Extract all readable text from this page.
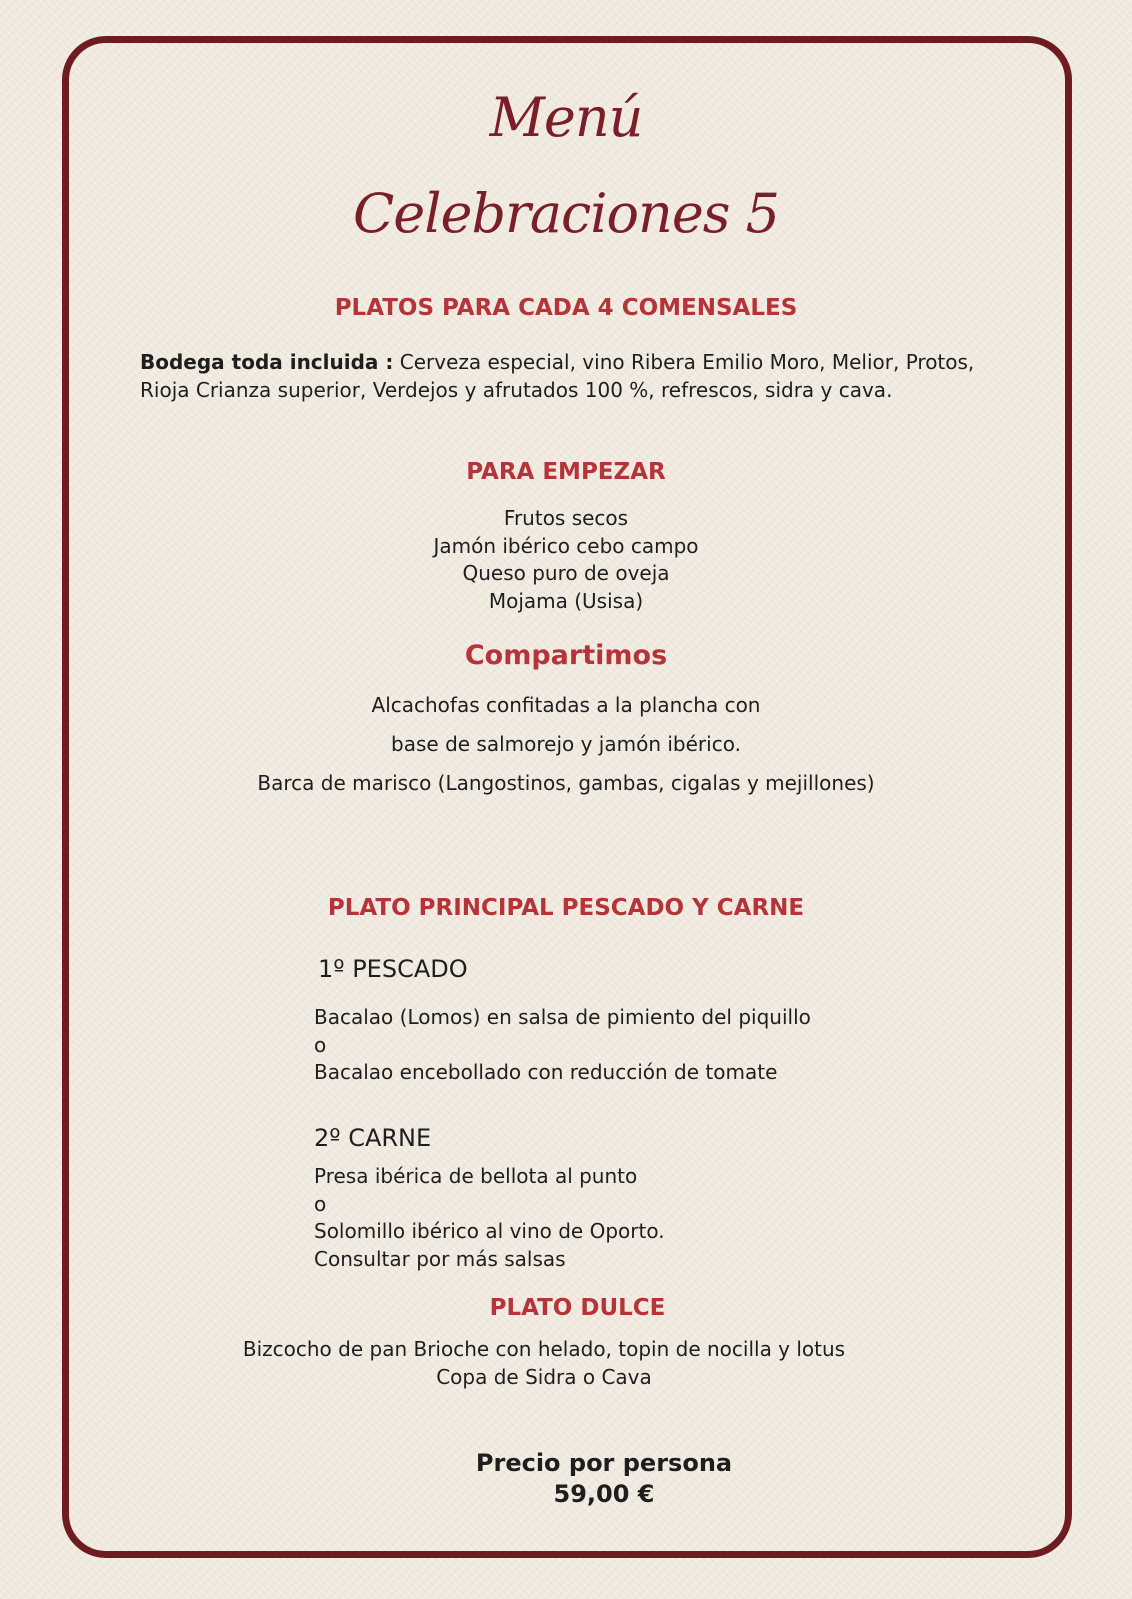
Menú
Celebraciones 5
PLATOS PARA CADA 4 COMENSALES
Bodega toda incluida : Cerveza especial, vino Ribera Emilio Moro, Melior, Protos,
Rioja Crianza superior, Verdejos y afrutados 100 %, refrescos, sidra y cava.
PARA EMPEZAR
Frutos secos
Jamón ibérico cebo campo
Queso puro de oveja
Mojama (Usisa)
Compartimos
Alcachofas confitadas a la plancha con
base de salmorejo y jamón ibérico.
Barca de marisco (Langostinos, gambas, cigalas y mejillones)
PLATO PRINCIPAL PESCADO Y CARNE
1º PESCADO
Bacalao (Lomos) en salsa de pimiento del piquillo
o
Bacalao encebollado con reducción de tomate
2º CARNE
Presa ibérica de bellota al punto
o
Solomillo ibérico al vino de Oporto.
Consultar por más salsas
PLATO DULCE
Bizcocho de pan Brioche con helado, topin de nocilla y lotus
Copa de Sidra o Cava
Precio por persona
59,00 €
